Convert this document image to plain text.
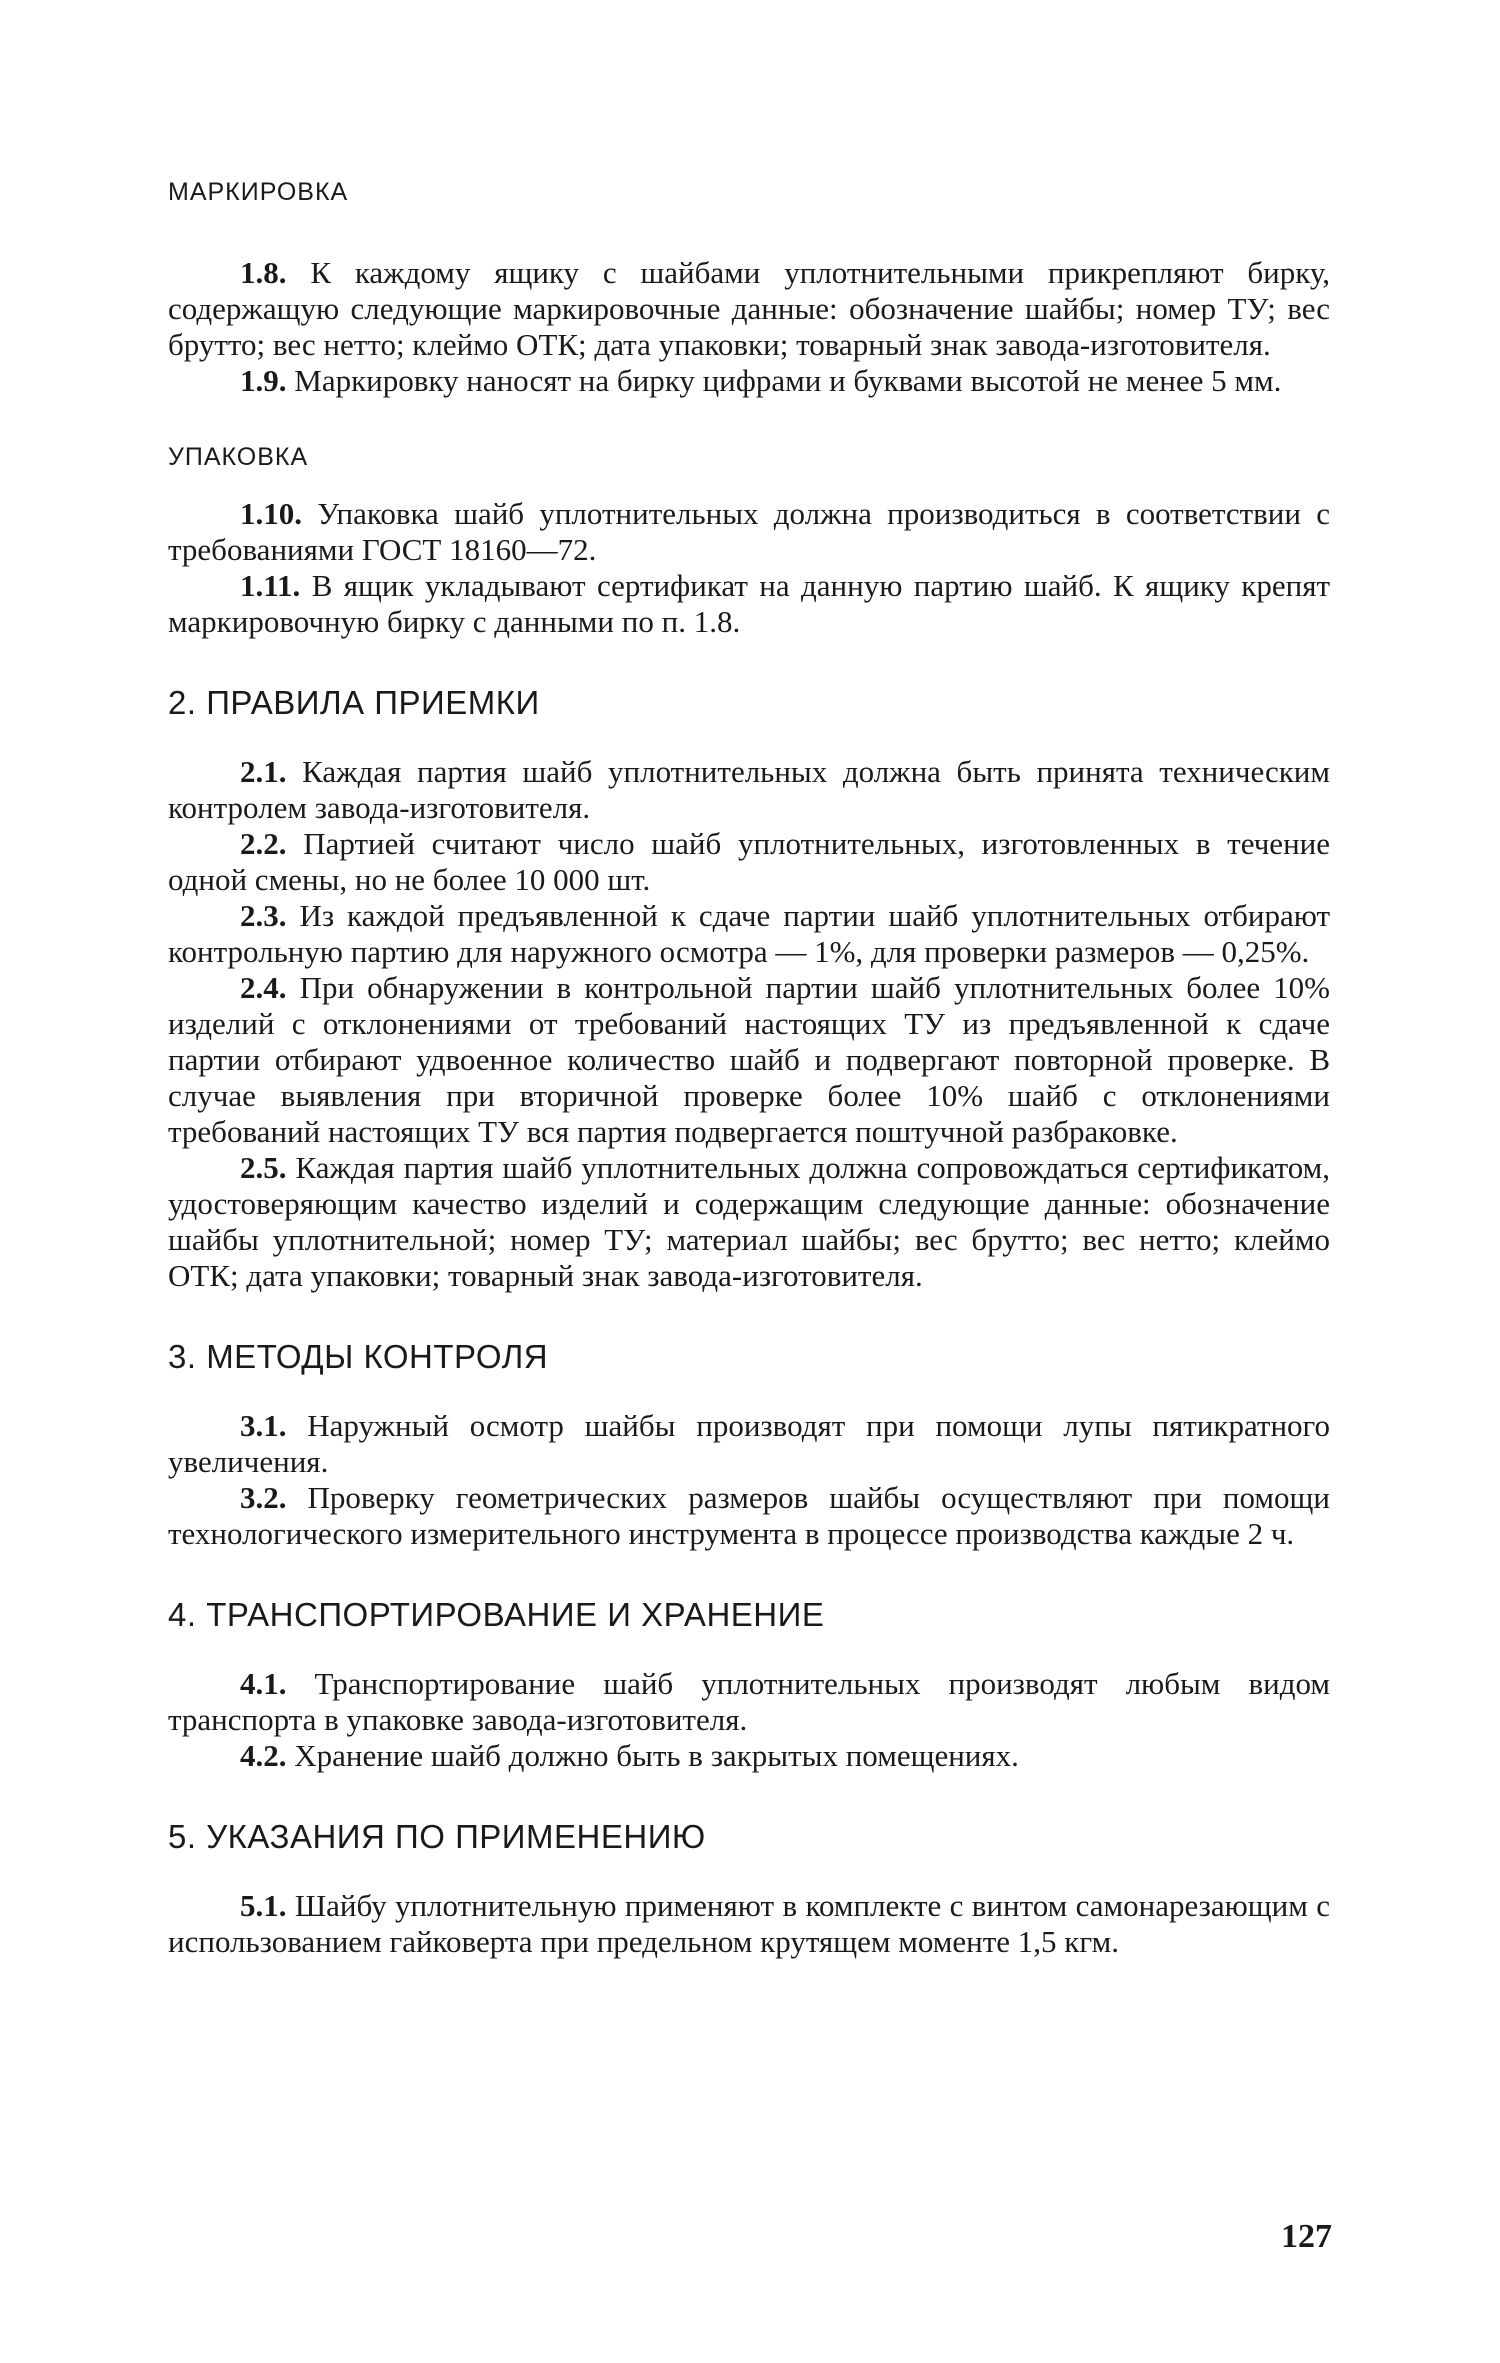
МАРКИРОВКА

1.8. К каждому ящику с шайбами уплотнительными прикрепляют бирку, содержащую следующие маркировочные данные: обозначение шайбы; номер ТУ; вес брутто; вес нетто; клеймо ОТК; дата упаковки; товарный знак завода-изготовителя.

1.9. Маркировку наносят на бирку цифрами и буквами высотой не менее 5 мм.

УПАКОВКА

1.10. Упаковка шайб уплотнительных должна производиться в соответствии с требованиями ГОСТ 18160—72.

1.11. В ящик укладывают сертификат на данную партию шайб. К ящику крепят маркировочную бирку с данными по п. 1.8.

2. ПРАВИЛА ПРИЕМКИ

2.1. Каждая партия шайб уплотнительных должна быть принята техническим контролем завода-изготовителя.

2.2. Партией считают число шайб уплотнительных, изготовленных в течение одной смены, но не более 10 000 шт.

2.3. Из каждой предъявленной к сдаче партии шайб уплотнительных отбирают контрольную партию для наружного осмотра — 1%, для проверки размеров — 0,25%.

2.4. При обнаружении в контрольной партии шайб уплотнительных более 10% изделий с отклонениями от требований настоящих ТУ из предъявленной к сдаче партии отбирают удвоенное количество шайб и подвергают повторной проверке. В случае выявления при вторичной проверке более 10% шайб с отклонениями требований настоящих ТУ вся партия подвергается поштучной разбраковке.

2.5. Каждая партия шайб уплотнительных должна сопровождаться сертификатом, удостоверяющим качество изделий и содержащим следующие данные: обозначение шайбы уплотнительной; номер ТУ; материал шайбы; вес брутто; вес нетто; клеймо ОТК; дата упаковки; товарный знак завода-изготовителя.

3. МЕТОДЫ КОНТРОЛЯ

3.1. Наружный осмотр шайбы производят при помощи лупы пятикратного увеличения.

3.2. Проверку геометрических размеров шайбы осуществляют при помощи технологического измерительного инструмента в процессе производства каждые 2 ч.

4. ТРАНСПОРТИРОВАНИЕ И ХРАНЕНИЕ

4.1. Транспортирование шайб уплотнительных производят любым видом транспорта в упаковке завода-изготовителя.

4.2. Хранение шайб должно быть в закрытых помещениях.

5. УКАЗАНИЯ ПО ПРИМЕНЕНИЮ

5.1. Шайбу уплотнительную применяют в комплекте с винтом самонарезающим с использованием гайковерта при предельном крутящем моменте 1,5 кгм.

127
